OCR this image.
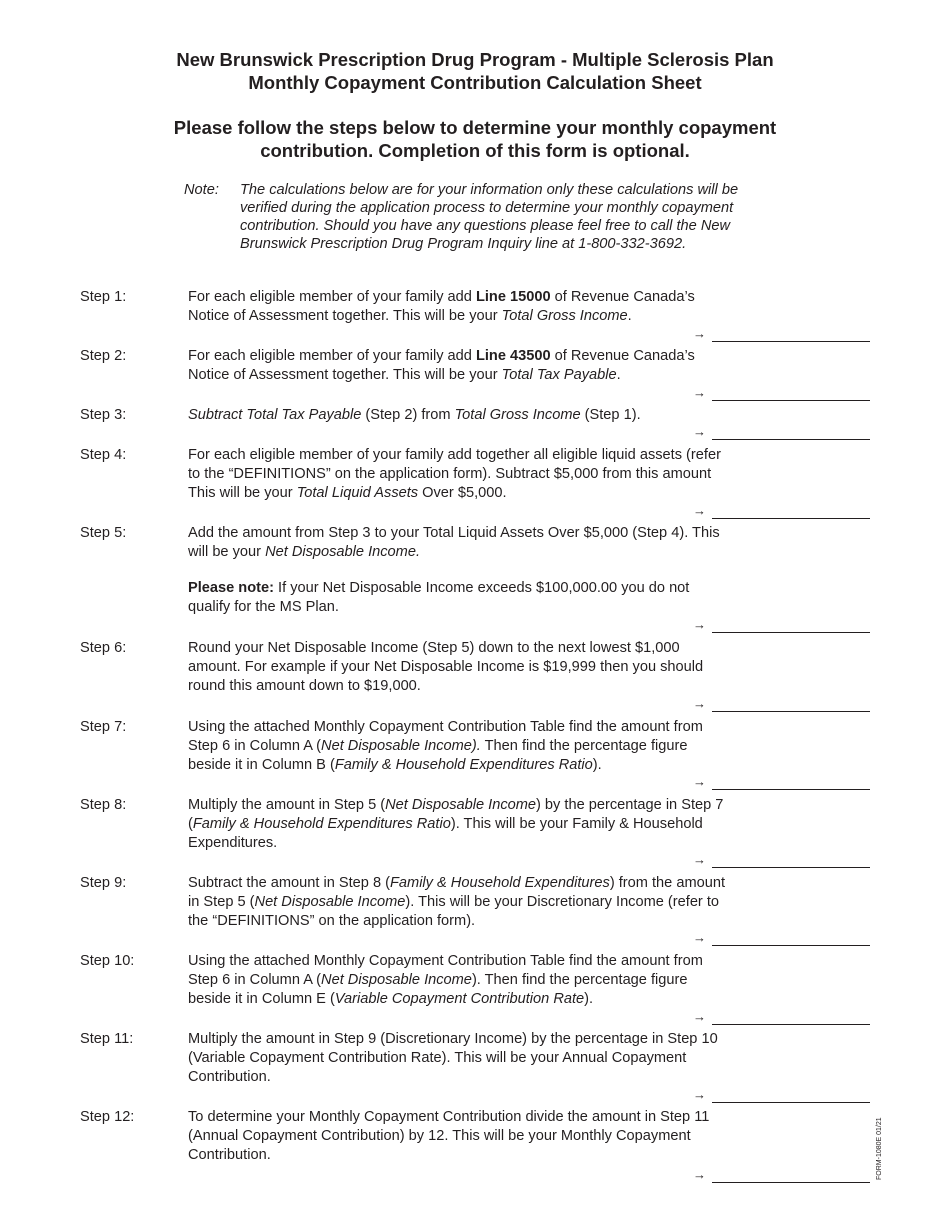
New Brunswick Prescription Drug Program - Multiple Sclerosis Plan
Monthly Copayment Contribution Calculation Sheet
Please follow the steps below to determine your monthly copayment
contribution. Completion of this form is optional.
Note: The calculations below are for your information only these calculations will be verified during the application process to determine your monthly copayment contribution. Should you have any questions please feel free to call the New Brunswick Prescription Drug Program Inquiry line at 1-800-332-3692.
Step 1:	For each eligible member of your family add Line 15000 of Revenue Canada’s Notice of Assessment together. This will be your Total Gross Income.

→
Step 2:	For each eligible member of your family add Line 43500 of Revenue Canada’s Notice of Assessment together. This will be your Total Tax Payable.

→
Step 3:	Subtract Total Tax Payable (Step 2) from Total Gross Income (Step 1).

→
Step 4:	For each eligible member of your family add together all eligible liquid assets (refer to the “DEFINITIONS” on the application form). Subtract $5,000 from this amount This will be your Total Liquid Assets Over $5,000.

→
Step 5:	Add the amount from Step 3 to your Total Liquid Assets Over $5,000 (Step 4). This will be your Net Disposable Income.

Please note: If your Net Disposable Income exceeds $100,000.00 you do not qualify for the MS Plan.

→
Step 6:	Round your Net Disposable Income (Step 5) down to the next lowest $1,000 amount. For example if your Net Disposable Income is $19,999 then you should round this amount down to $19,000.

→
Step 7:	Using the attached Monthly Copayment Contribution Table find the amount from Step 6 in Column A (Net Disposable Income). Then find the percentage figure beside it in Column B (Family & Household Expenditures Ratio).

→
Step 8:	Multiply the amount in Step 5 (Net Disposable Income) by the percentage in Step 7 (Family & Household Expenditures Ratio). This will be your Family & Household Expenditures.

→
Step 9:	Subtract the amount in Step 8 (Family & Household Expenditures) from the amount in Step 5 (Net Disposable Income). This will be your Discretionary Income (refer to the “DEFINITIONS” on the application form).

→
Step 10:	Using the attached Monthly Copayment Contribution Table find the amount from Step 6 in Column A (Net Disposable Income). Then find the percentage figure beside it in Column E (Variable Copayment Contribution Rate).

→
Step 11:	Multiply the amount in Step 9 (Discretionary Income) by the percentage in Step 10 (Variable Copayment Contribution Rate). This will be your Annual Copayment Contribution.

→
Step 12:	To determine your Monthly Copayment Contribution divide the amount in Step 11 (Annual Copayment Contribution) by 12. This will be your Monthly Copayment Contribution.

→	FORM-1080E 01/21
